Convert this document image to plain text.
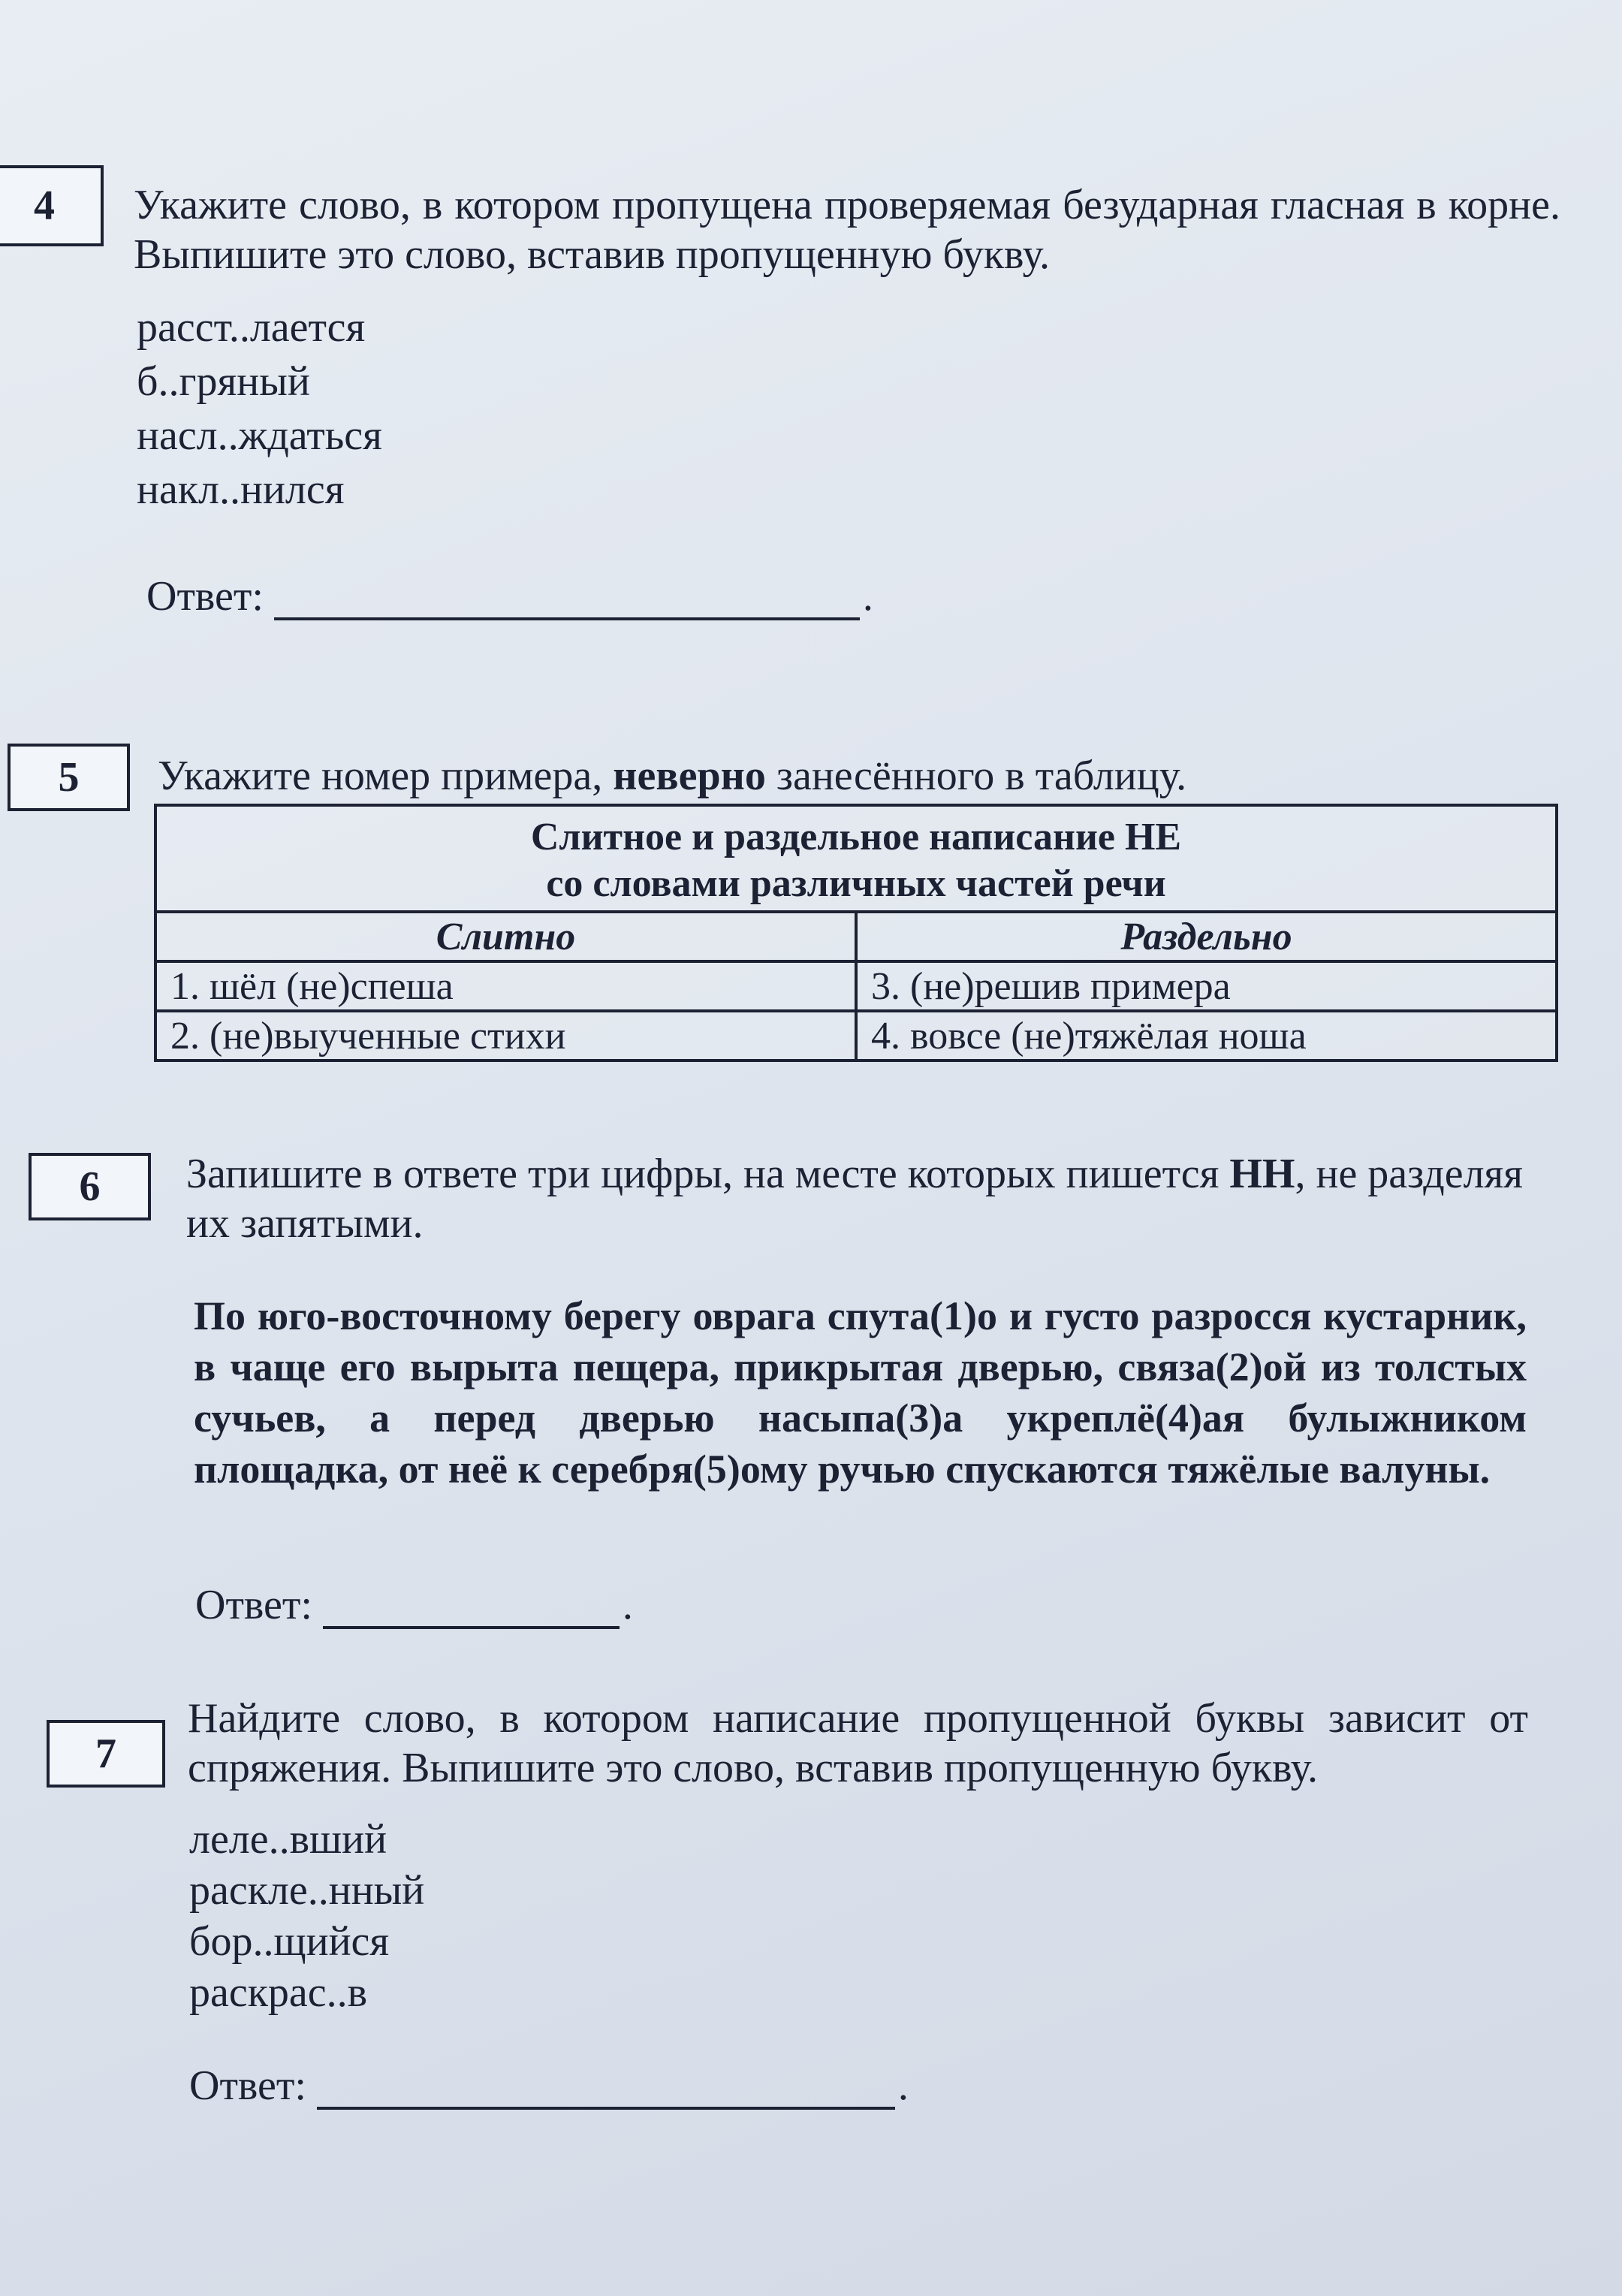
4	Укажите слово, в котором пропущена проверяемая безударная гласная в корне. Выпишите это слово, вставив пропущенную букву.
расст..лается
б..гряный
насл..ждаться
накл..нился
Ответ:	.
5	Укажите номер примера, неверно занесённого в таблицу.
Слитное и раздельное написание НЕ
со словами различных частей речи	

Слитно	Раздельно
1. шёл (не)спеша	3. (не)решив примера
2. (не)выученные стихи	4. вовсе (не)тяжёлая ноша
6	Запишите в ответе три цифры, на месте которых пишется НН, не разделяя их запятыми.
По юго-восточному берегу оврага спута(1)о и густо разросся кустарник, в чаще его вырыта пещера, прикрытая дверью, связа(2)ой из толстых сучьев, а перед дверью насыпа(3)а укреплё(4)ая булыжником площадка, от неё к серебря(5)ому ручью спускаются тяжёлые валуны.
Ответ:	.
7
Найдите слово, в котором написание пропущенной буквы зависит от спряжения. Выпишите это слово, вставив пропущенную букву.
леле..вший
раскле..нный
бор..щийся
раскрас..в
Ответ:	.
